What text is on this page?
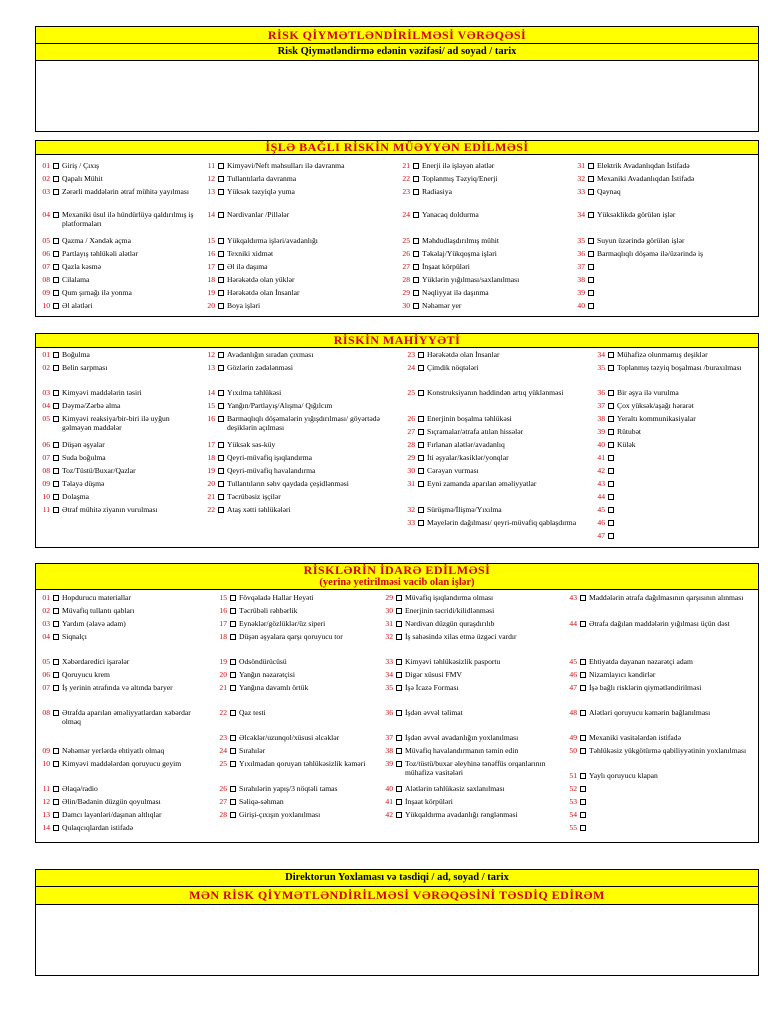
RİSK QİYMƏTLƏNDİRİLMƏSİ VƏRƏQƏSİ
Risk Qiymətləndirmə edənin vəzifəsi/ ad soyad / tarix
İŞLƏ BAĞLI RİSKİN MÜƏYYƏN EDİLMƏSİ
01 Giriş / Çıxış
02 Qapalı Mühit
03 Zərərli maddələrin ətraf mühitə yayılması
04 Mexaniki üsul ilə hündürlüyə qaldırılmış iş platformaları
05 Qazma / Xəndək açma
06 Partlayış təhlükəli alətlər
07 Qazla kəsmə
08 Cilalama
09 Qum şırnağı ilə yonma
10 Əl alətləri
11 Kimyəvi/Neft məhsulları ilə davranma
12 Tullantılarla davranma
13 Yüksək təzyiqlə yuma
14 Nərdivanlar /Pillələr
15 Yükqaldırma işləri/avadanlığı
16 Texniki xidmət
17 Əl ilə daşıma
18 Hərəkətdə olan yüklər
19 Hərəkətdə olan İnsanlar
20 Boya işləri
21 Enerji ilə işləyən alətlər
22 Toplanmış Təzyiq/Enerji
23 Radiasiya
24 Yanacaq doldurma
25 Məhdudlaşdırılmış mühit
26 Təkəlaj/Yükqoşma işləri
27 İnşaat körpüləri
28 Yüklərin yığılması/saxlanılması
29 Nəqliyyat ilə daşınma
30 Nəhəmər yer
31 Elektrik Avadanlıqdan İstifadə
32 Mexaniki Avadanlıqdan İstifadə
33 Qaynaq
34 Yüksəklikdə görülən işlər
35 Suyun üzərində görülən işlər
36 Barmaqlıqlı döşəmə ilə/üzərində iş
37
38
39
40
RİSKİN MAHİYYƏTİ
01 Boğulma
02 Belin sarpması
03 Kimyəvi maddələrin təsiri
04 Dəymə/Zərbə alma
05 Kimyəvi reaksiya/bir-biri ilə uyğun gəlməyən maddələr
06 Düşən əşyalar
07 Suda boğulma
08 Toz/Tüstü/Buxar/Qazlar
09 Təlayə düşmə
10 Dolaşma
11 Ətraf mühitə ziyanın vurulması
12 Avadanlığın sıradan çıxması
13 Gözlərin zədələnməsi
14 Yıxılma təhlükəsi
15 Yanğın/Partlayış/Alışma/ Qığılcım
16 Barmaqlıqlı döşəmələrin yığışdırılması/ göyərtədə deşiklərin açılması
17 Yüksək səs-küy
18 Qeyri-müvafiq işıqlandırma
19 Qeyri-müvafiq havalandırma
20 Tullantıların səhv qaydada çeşidlənməsi
21 Təcrübəsiz işçilər
22 Ataş xətti təhlükələri
23 Hərəkətdə olan İnsanlar
24 Çimdik nöqtələri
25 Konstruksiyanın həddindən artıq yüklənməsi
26 Enerjinin boşalma təhlükəsi
27 Sıçramalar/ətrafa atılan hissələr
28 Fırlanan alətlər/avadanlıq
29 İti əşyalar/kəsiklər/yonqlar
30 Cərəyan vurması
31 Eyni zamanda aparılan əməliyyatlar
32 Sürüşmə/İlişmə/Yıxılma
33 Mayelərin dağılması/ qeyri-müvafiq qablaşdırma
34 Mühafizə olunmamış deşiklər
35 Toplanmış təzyiq boşalması /buraxılması
36 Bir əşya ilə vurulma
37 Çox yüksək/aşağı hərarət
38 Yeraltı kommunikasiyalar
39 Rütubət
40 Külək
41
42
43
44
45
46
47
RİSKLƏRİN İDARƏ EDİLMƏSİ
(yerinə yetirilməsi vacib olan işlər)
01 Hopdurucu materiallar
02 Müvafiq tullantı qabları
03 Yardım (əlavə adam)
04 Siqnalçı
05 Xəbərdaredici işarələr
06 Qoruyucu krem
07 İş yerinin ətrafında və altında baryer
08 Ətrafda aparılan əməliyyatlardan xəbərdar olmaq
09 Nəhəmər yerlərdə ehtiyatlı olmaq
10 Kimyəvi maddələrdən qoruyucu geyim
11 Əlaqə/radio
12 Əlin/Bədənin düzgün qoyulması
13 Damcı layənləri/daşınan altlıqlar
14 Qulaqcıqlardan istifadə
15 Fövqəladə Hallar Heyəti
16 Təcrübəli rəhbərlik
17 Eynəklər/gözlüklər/üz siperi
18 Düşən əşyalara qarşı qoruyucu tor
19 Odsöndürücüsü
20 Yanğın nəzarətçisi
21 Yanğına davamlı örtük
22 Qaz testi
23 Əlcəklər/uzunqol/xüsusi əlcəklər
24 Sırahılər
25 Yıxılmadan qoruyan təhlükəsizlik kəməri
26 Sırahılərin yapış/3 nöqtəli tamas
27 Səliqə-səhman
28 Girişi-çıxışın yoxlanılması
29 Müvafiq işıqlandırma olması
30 Enerjinin təcridi/kilidlənməsi
31 Nərdivan düzgün quraşdırılıb
32 İş sahəsində xilas etmə üzgəci vardır
33 Kimyəvi təhlükəsizlik pasportu
34 Digər xüsusi FMV
35 İşə İcazə Forması
36 İşdən əvvəl təlimat
37 İşdən əvvəl avadanlığın yoxlanılması
38 Müvafiq havalandırmanın təmin edin
39 Toz/tüstü/buxar əleyhinə tənəffüs orqanlarının mühafizə vasitələri
40 Alətlərin təhlükəsiz saxlanılması
41 İnşaat körpüləri
42 Yükqaldırma avadanlığı rənglənməsi
43 Maddələrin ətrafa dağılmasının qarşısının alınması
44 Ətrafa dağılan maddələrin yığılması üçün dəst
45 Ehtiyatda dayanan nəzarətçi adam
46 Nizamlayıcı kəndirlər
47 İşə bağlı risklərin qiymətləndirilməsi
48 Alətləri qoruyucu kəmərin bağlanılması
49 Mexaniki vasitələrdən istifadə
50 Təhlükəsiz yükgötürmə qabiliyyətinin yoxlanılması
51 Yaylı qoruyucu klapan
52
53
54
55
Direktorun Yoxlaması və təsdiqi / ad, soyad / tarix
MƏN RİSK QİYMƏTLƏNDİRİLMƏSİ VƏRƏQƏSİNİ TƏSDİQ EDİRƏM
